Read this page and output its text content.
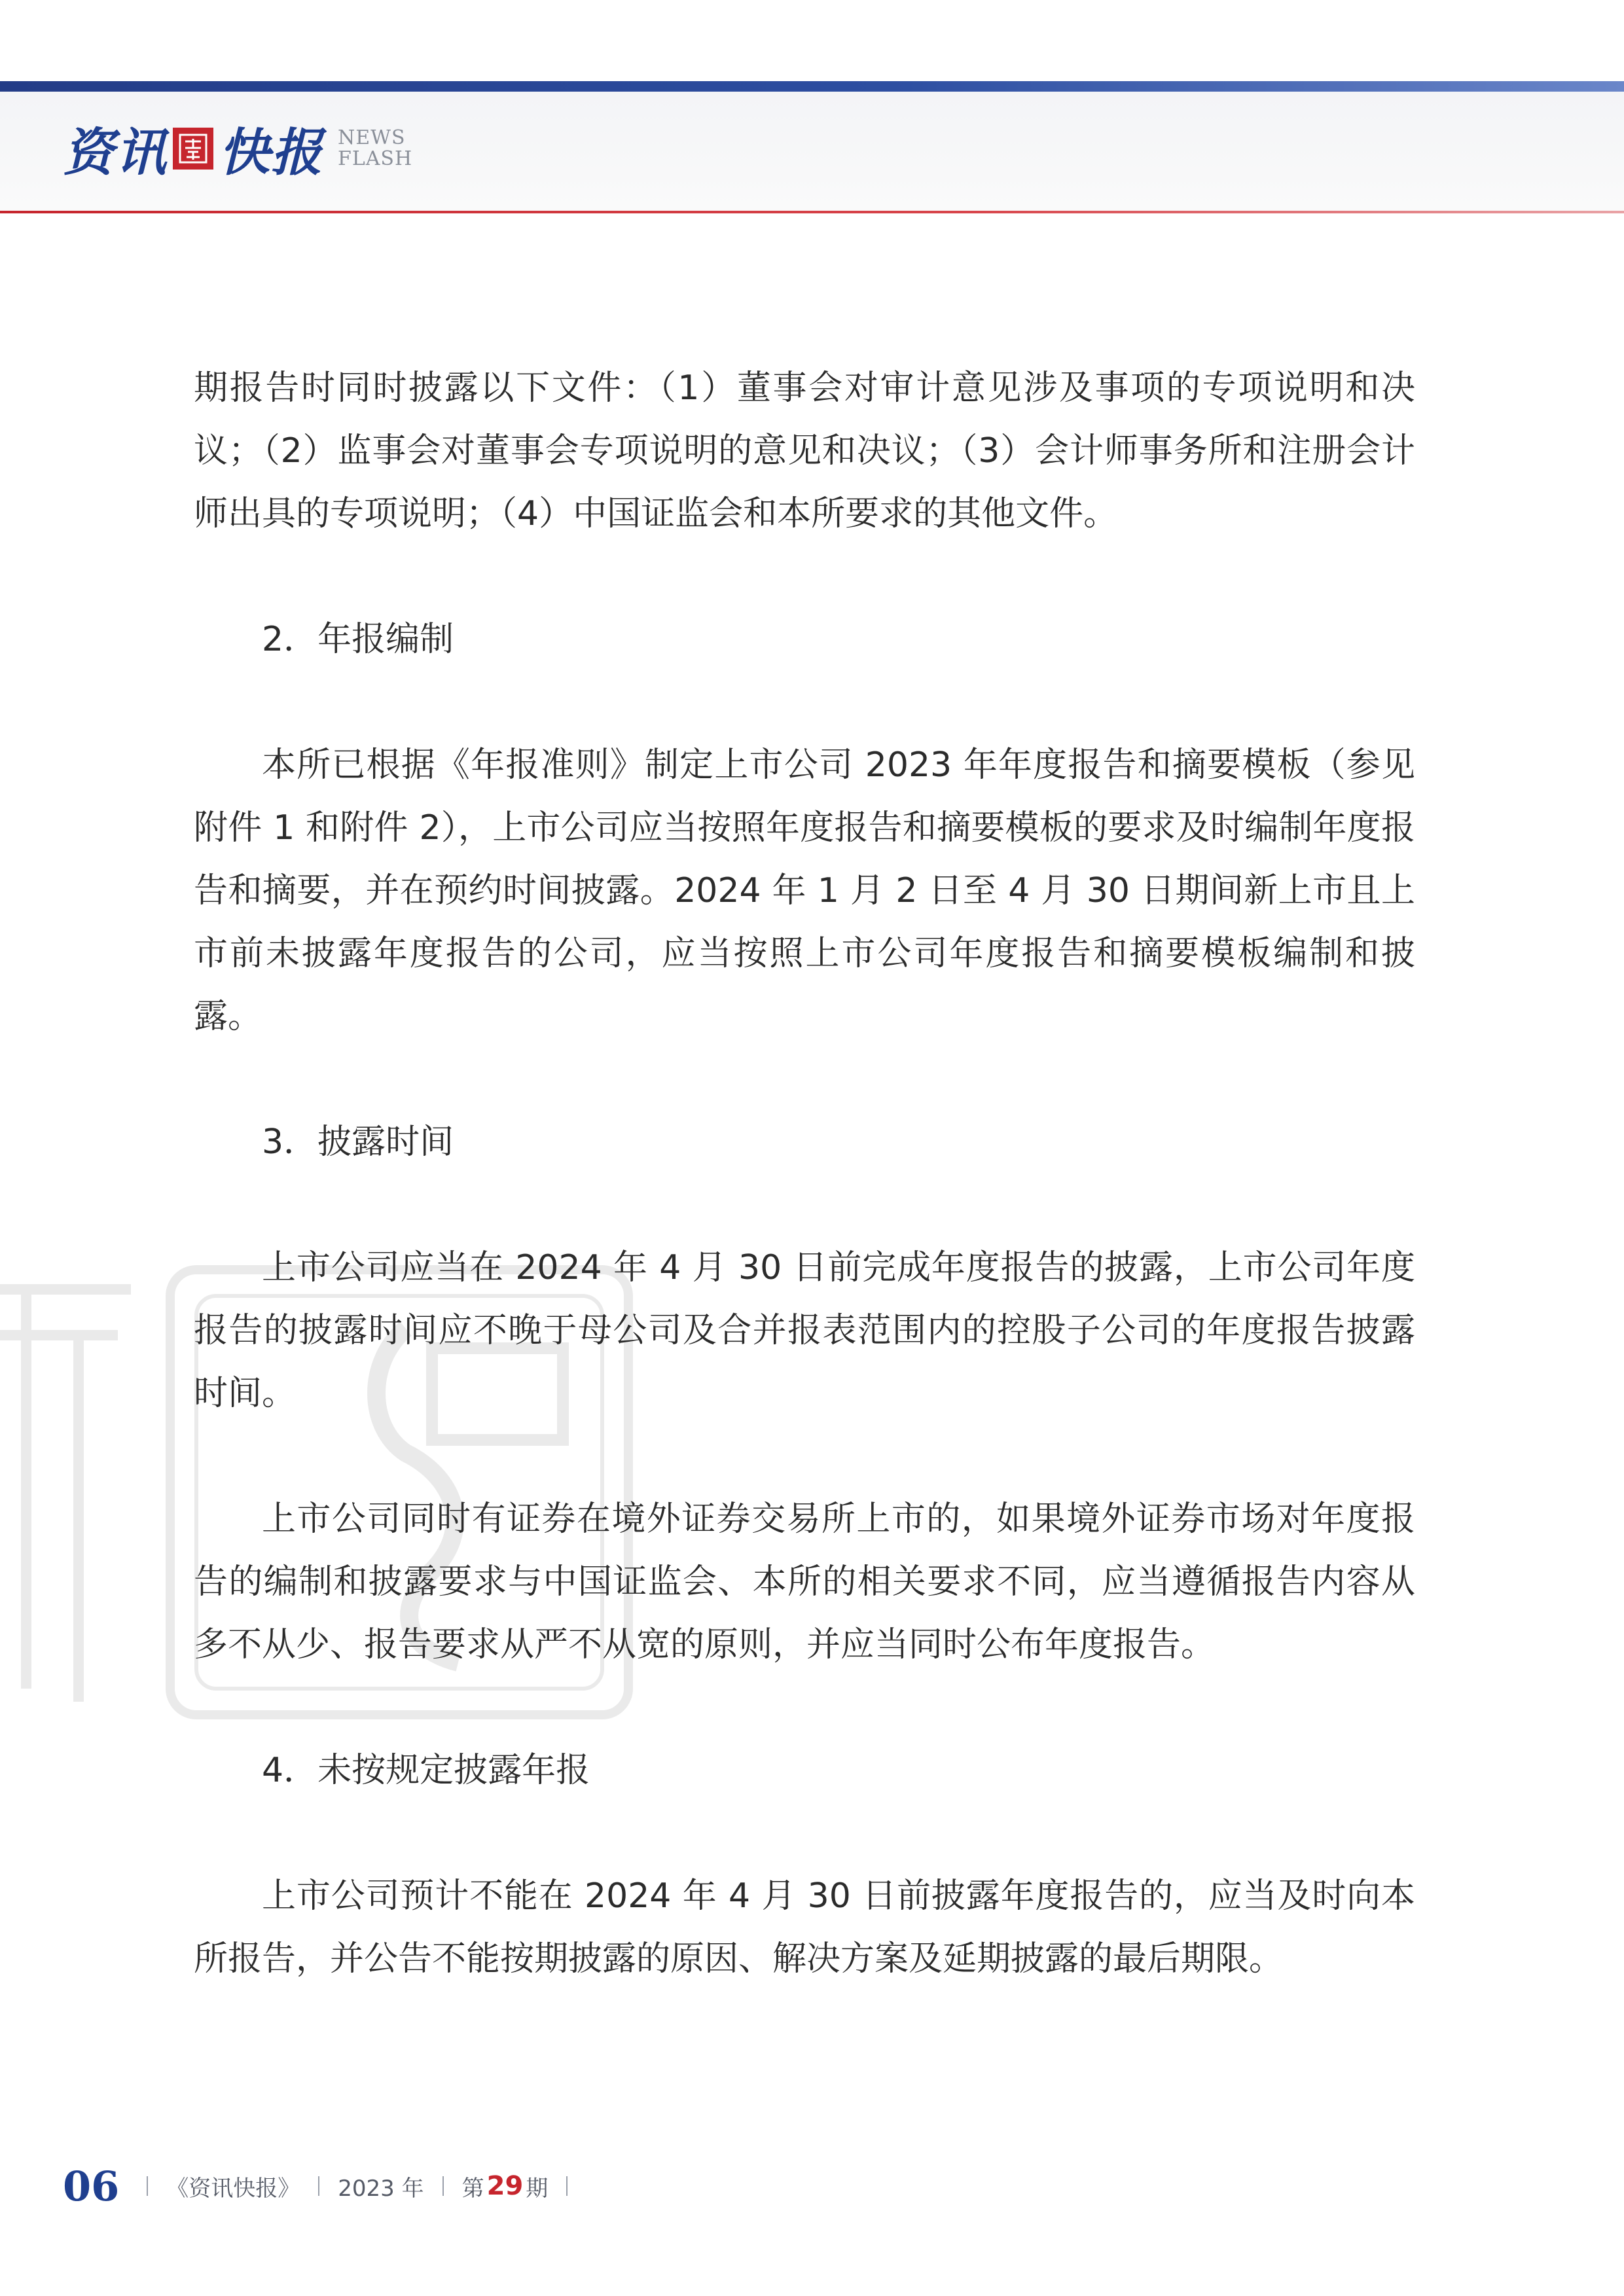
资讯 快报 NEWS
FLASH

期报告时同时披露以下文件：（1）董事会对审计意见涉及事项的专项说明和决议；（2）监事会对董事会专项说明的意见和决议；（3）会计师事务所和注册会计师出具的专项说明；（4）中国证监会和本所要求的其他文件。

2．年报编制

本所已根据《年报准则》制定上市公司 2023 年年度报告和摘要模板（参见附件 1 和附件 2），上市公司应当按照年度报告和摘要模板的要求及时编制年度报告和摘要，并在预约时间披露。2024 年 1 月 2 日至 4 月 30 日期间新上市且上市前未披露年度报告的公司，应当按照上市公司年度报告和摘要模板编制和披露。

3．披露时间

上市公司应当在 2024 年 4 月 30 日前完成年度报告的披露，上市公司年度报告的披露时间应不晚于母公司及合并报表范围内的控股子公司的年度报告披露时间。

上市公司同时有证券在境外证券交易所上市的，如果境外证券市场对年度报告的编制和披露要求与中国证监会、本所的相关要求不同，应当遵循报告内容从多不从少、报告要求从严不从宽的原则，并应当同时公布年度报告。

4．未按规定披露年报

上市公司预计不能在 2024 年 4 月 30 日前披露年度报告的，应当及时向本所报告，并公告不能按期披露的原因、解决方案及延期披露的最后期限。

06 《资讯快报》 2023 年 第 29 期
